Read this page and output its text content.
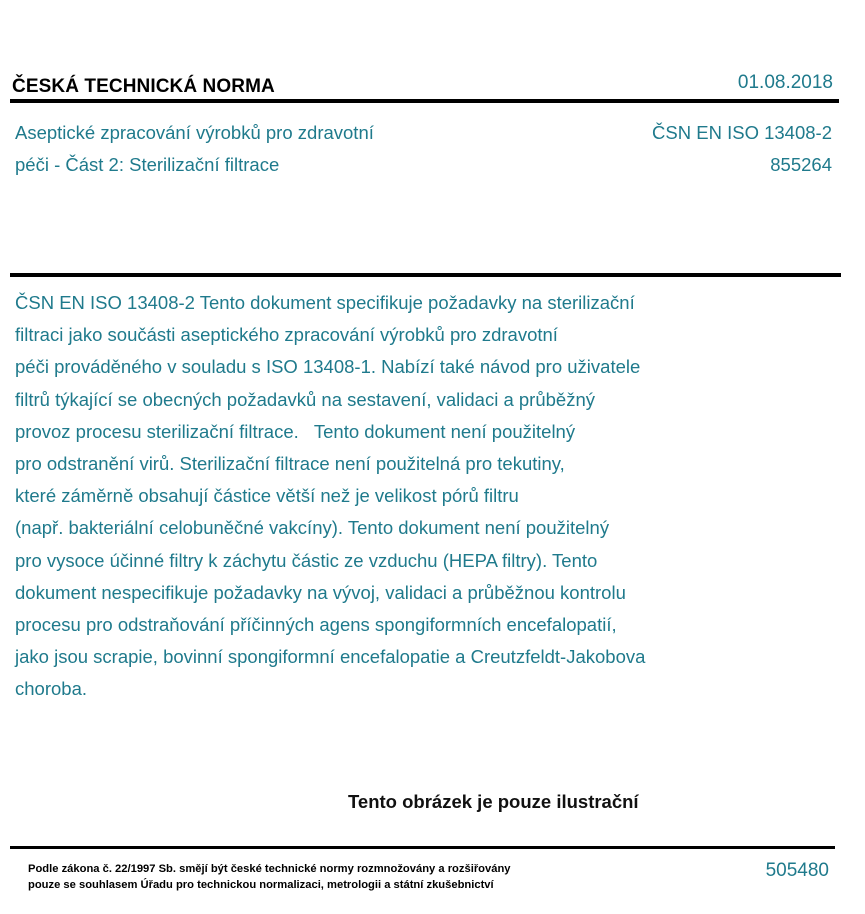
ČESKÁ TECHNICKÁ NORMA	01.08.2018
Aseptické zpracování výrobků pro zdravotní
péči - Část 2: Sterilizační filtrace
ČSN EN ISO 13408-2
855264
ČSN EN ISO 13408-2 Tento dokument specifikuje požadavky na sterilizační
filtraci jako součásti aseptického zpracování výrobků pro zdravotní
péči prováděného v souladu s ISO 13408-1. Nabízí také návod pro uživatele
filtrů týkající se obecných požadavků na sestavení, validaci a průběžný
provoz procesu sterilizační filtrace.   Tento dokument není použitelný
pro odstranění virů. Sterilizační filtrace není použitelná pro tekutiny,
které záměrně obsahují částice větší než je velikost pórů filtru
(např. bakteriální celobuněčné vakcíny). Tento dokument není použitelný
pro vysoce účinné filtry k záchytu částic ze vzduchu (HEPA filtry). Tento
dokument nespecifikuje požadavky na vývoj, validaci a průběžnou kontrolu
procesu pro odstraňování příčinných agens spongiformních encefalopatií,
jako jsou scrapie, bovinní spongiformní encefalopatie a Creutzfeldt-Jakobova
choroba.
Tento obrázek je pouze ilustrační
Podle zákona č. 22/1997 Sb. smějí být české technické normy rozmnožovány a rozšiřovány
pouze se souhlasem Úřadu pro technickou normalizaci, metrologii a státní zkušebnictví
505480
